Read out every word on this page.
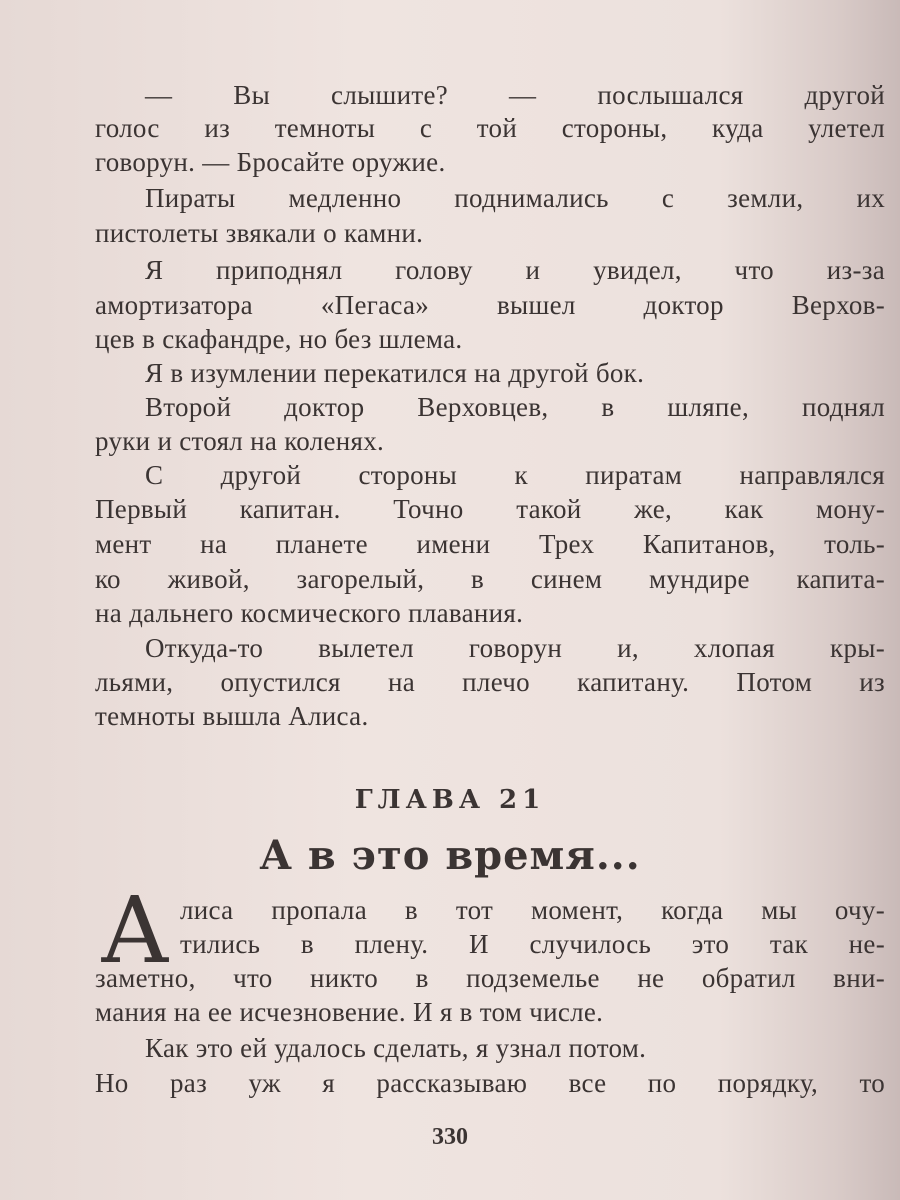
— Вы слышите? — послышался другой
голос из темноты с той стороны, куда улетел
говорун. — Бросайте оружие.
Пираты медленно поднимались с земли, их
пистолеты звякали о камни.
Я приподнял голову и увидел, что из-за
амортизатора «Пегаса» вышел доктор Верхов-
цев в скафандре, но без шлема.
Я в изумлении перекатился на другой бок.
Второй доктор Верховцев, в шляпе, поднял
руки и стоял на коленях.
С другой стороны к пиратам направлялся
Первый капитан. Точно такой же, как мону-
мент на планете имени Трех Капитанов, толь-
ко живой, загорелый, в синем мундире капита-
на дальнего космического плавания.
Откуда-то вылетел говорун и, хлопая кры-
льями, опустился на плечо капитану. Потом из
темноты вышла Алиса.
ГЛАВА 21
А в это время...
А лиса пропала в тот момент, когда мы очу-
тились в плену. И случилось это так не-
заметно, что никто в подземелье не обратил вни-
мания на ее исчезновение. И я в том числе.
Как это ей удалось сделать, я узнал потом.
Но раз уж я рассказываю все по порядку, то
330
